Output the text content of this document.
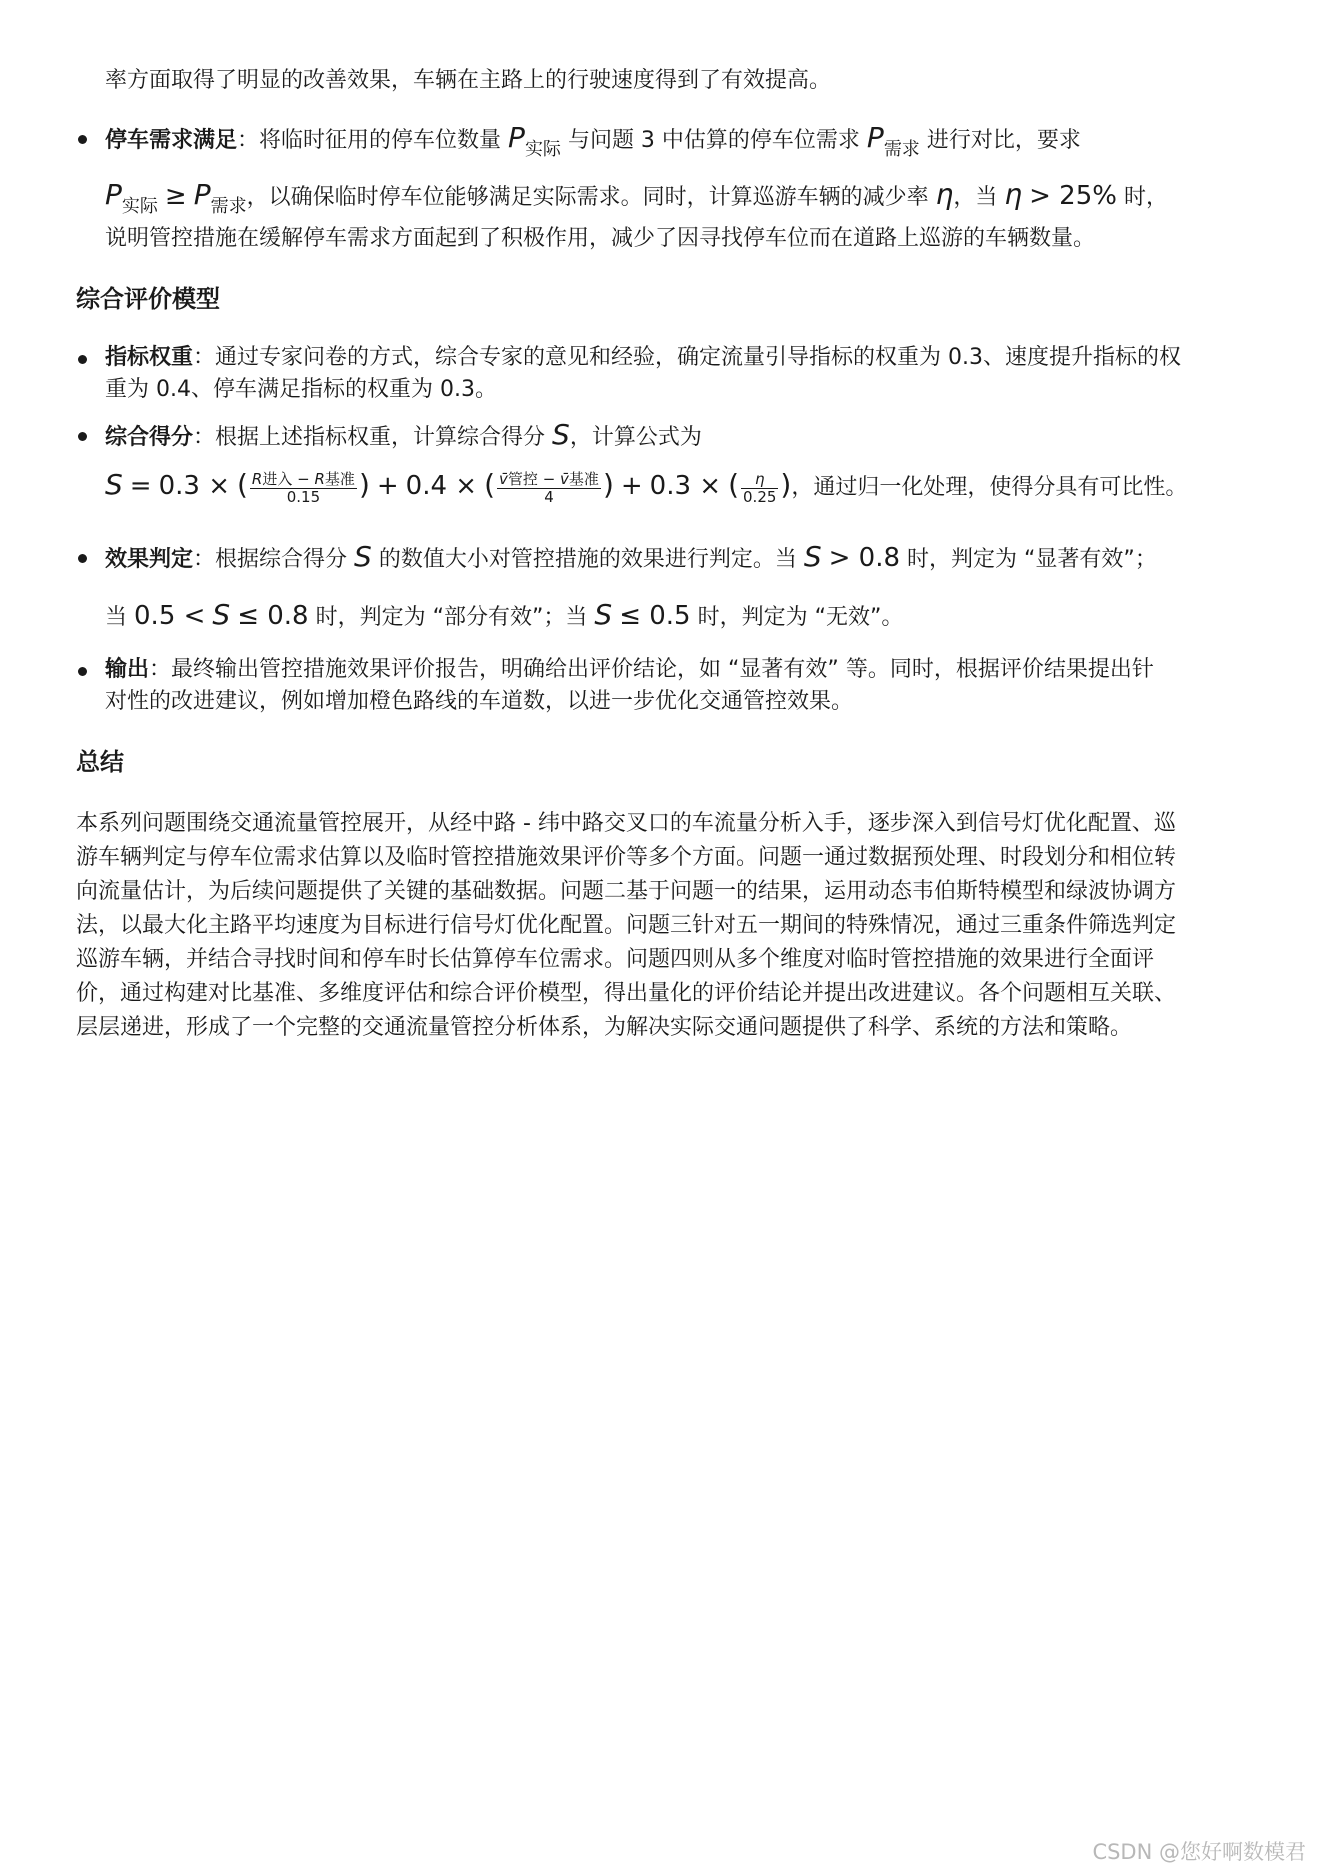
率方面取得了明显的改善效果，车辆在主路上的行驶速度得到了有效提高。
停车需求满足：将临时征用的停车位数量 $P_{实际}$ 与问题 3 中估算的停车位需求 $P_{需求}$ 进行对比，要求
$P_{实际} \ge P_{需求}$，以确保临时停车位能够满足实际需求。同时，计算巡游车辆的减少率 η，当 η > 25% 时，
说明管控措施在缓解停车需求方面起到了积极作用，减少了因寻找停车位而在道路上巡游的车辆数量。
综合评价模型
指标权重：通过专家问卷的方式，综合专家的意见和经验，确定流量引导指标的权重为 0.3、速度提升指标的权
重为 0.4、停车满足指标的权重为 0.3。
综合得分：根据上述指标权重，计算综合得分 S，计算公式为
S = 0.3 × ( $\frac{\text{R进入 − R基准}}{0.15}$ ) + 0.4 × ( $\frac{\text{v̄管控 − v̄基准}}{4}$ ) + 0.3 × ( $\frac{\eta}{0.25}$ )，通过归一化处理，使得分具有可比性。
效果判定：根据综合得分 S 的数值大小对管控措施的效果进行判定。当 S > 0.8 时，判定为 “显著有效”；
当 0.5 < S ≤ 0.8 时，判定为 “部分有效”；当 S ≤ 0.5 时，判定为 “无效”。
输出：最终输出管控措施效果评价报告，明确给出评价结论，如 “显著有效” 等。同时，根据评价结果提出针
对性的改进建议，例如增加橙色路线的车道数，以进一步优化交通管控效果。
总结
本系列问题围绕交通流量管控展开，从经中路 - 纬中路交叉口的车流量分析入手，逐步深入到信号灯优化配置、巡
游车辆判定与停车位需求估算以及临时管控措施效果评价等多个方面。问题一通过数据预处理、时段划分和相位转
向流量估计，为后续问题提供了关键的基础数据。问题二基于问题一的结果，运用动态韦伯斯特模型和绿波协调方
法，以最大化主路平均速度为目标进行信号灯优化配置。问题三针对五一期间的特殊情况，通过三重条件筛选判定
巡游车辆，并结合寻找时间和停车时长估算停车位需求。问题四则从多个维度对临时管控措施的效果进行全面评
价，通过构建对比基准、多维度评估和综合评价模型，得出量化的评价结论并提出改进建议。各个问题相互关联、
层层递进，形成了一个完整的交通流量管控分析体系，为解决实际交通问题提供了科学、系统的方法和策略。
CSDN @您好啊数模君
